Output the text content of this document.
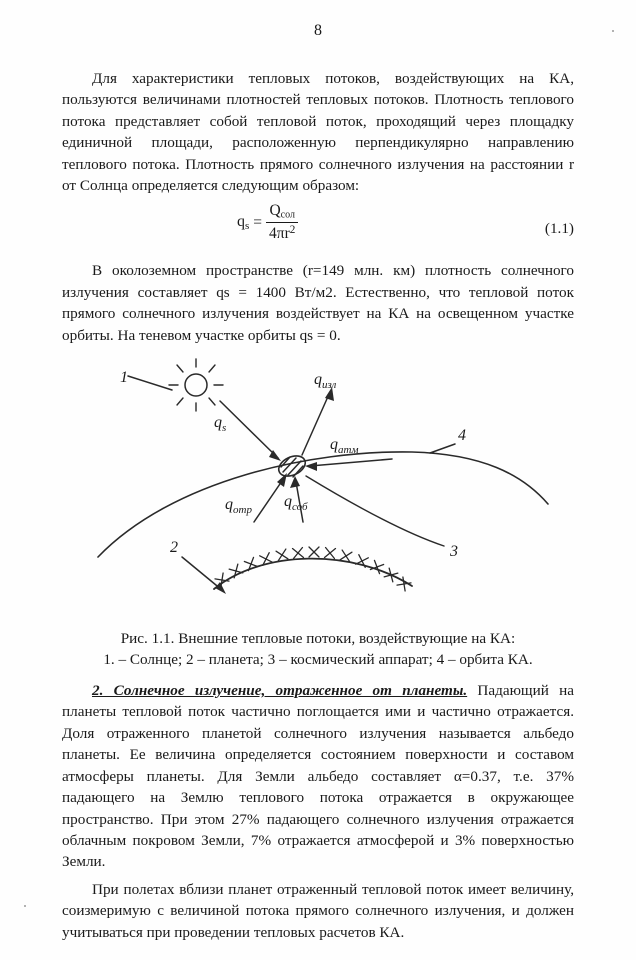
8

Для характеристики тепловых потоков, воздействующих на КА, пользуются величинами плотностей тепловых потоков. Плотность теплового потока представляет собой тепловой поток, проходящий через площадку единичной площади, расположенную перпендикулярно направлению теплового потока. Плотность прямого солнечного излучения на расстоянии r от Солнца определяется следующим образом:

$q_s = \frac{Q_{сол}}{4\pi r^2}$	(1.1)

В околоземном пространстве (r=149 млн. км) плотность солнечного излучения составляет qs = 1400 Вт/м2. Естественно, что тепловой поток прямого солнечного излучения воздействует на КА на освещенном участке орбиты. На теневом участке орбиты qs = 0.

1
2	3
4
$q_s$
$q_{изл}$
$q_{атм}$
$q_{отр}$ $q_{соб}$
Рис. 1.1. Внешние тепловые потоки, воздействующие на КА:
1. – Солнце; 2 – планета; 3 – космический аппарат; 4 – орбита КА.

2. Солнечное излучение, отраженное от планеты. Падающий на планеты тепловой поток частично поглощается ими и частично отражается. Доля отраженного планетой солнечного излучения называется альбедо планеты. Ее величина определяется состоянием поверхности и составом атмосферы планеты. Для Земли альбедо составляет α=0.37, т.е. 37% падающего на Землю теплового потока отражается в окружающее пространство. При этом 27% падающего солнечного излучения отражается облачным покровом Земли, 7% отражается атмосферой и 3% поверхностью Земли.

При полетах вблизи планет отраженный тепловой поток имеет величину, соизмеримую с величиной потока прямого солнечного излучения, и должен учитываться при проведении тепловых расчетов КА.
